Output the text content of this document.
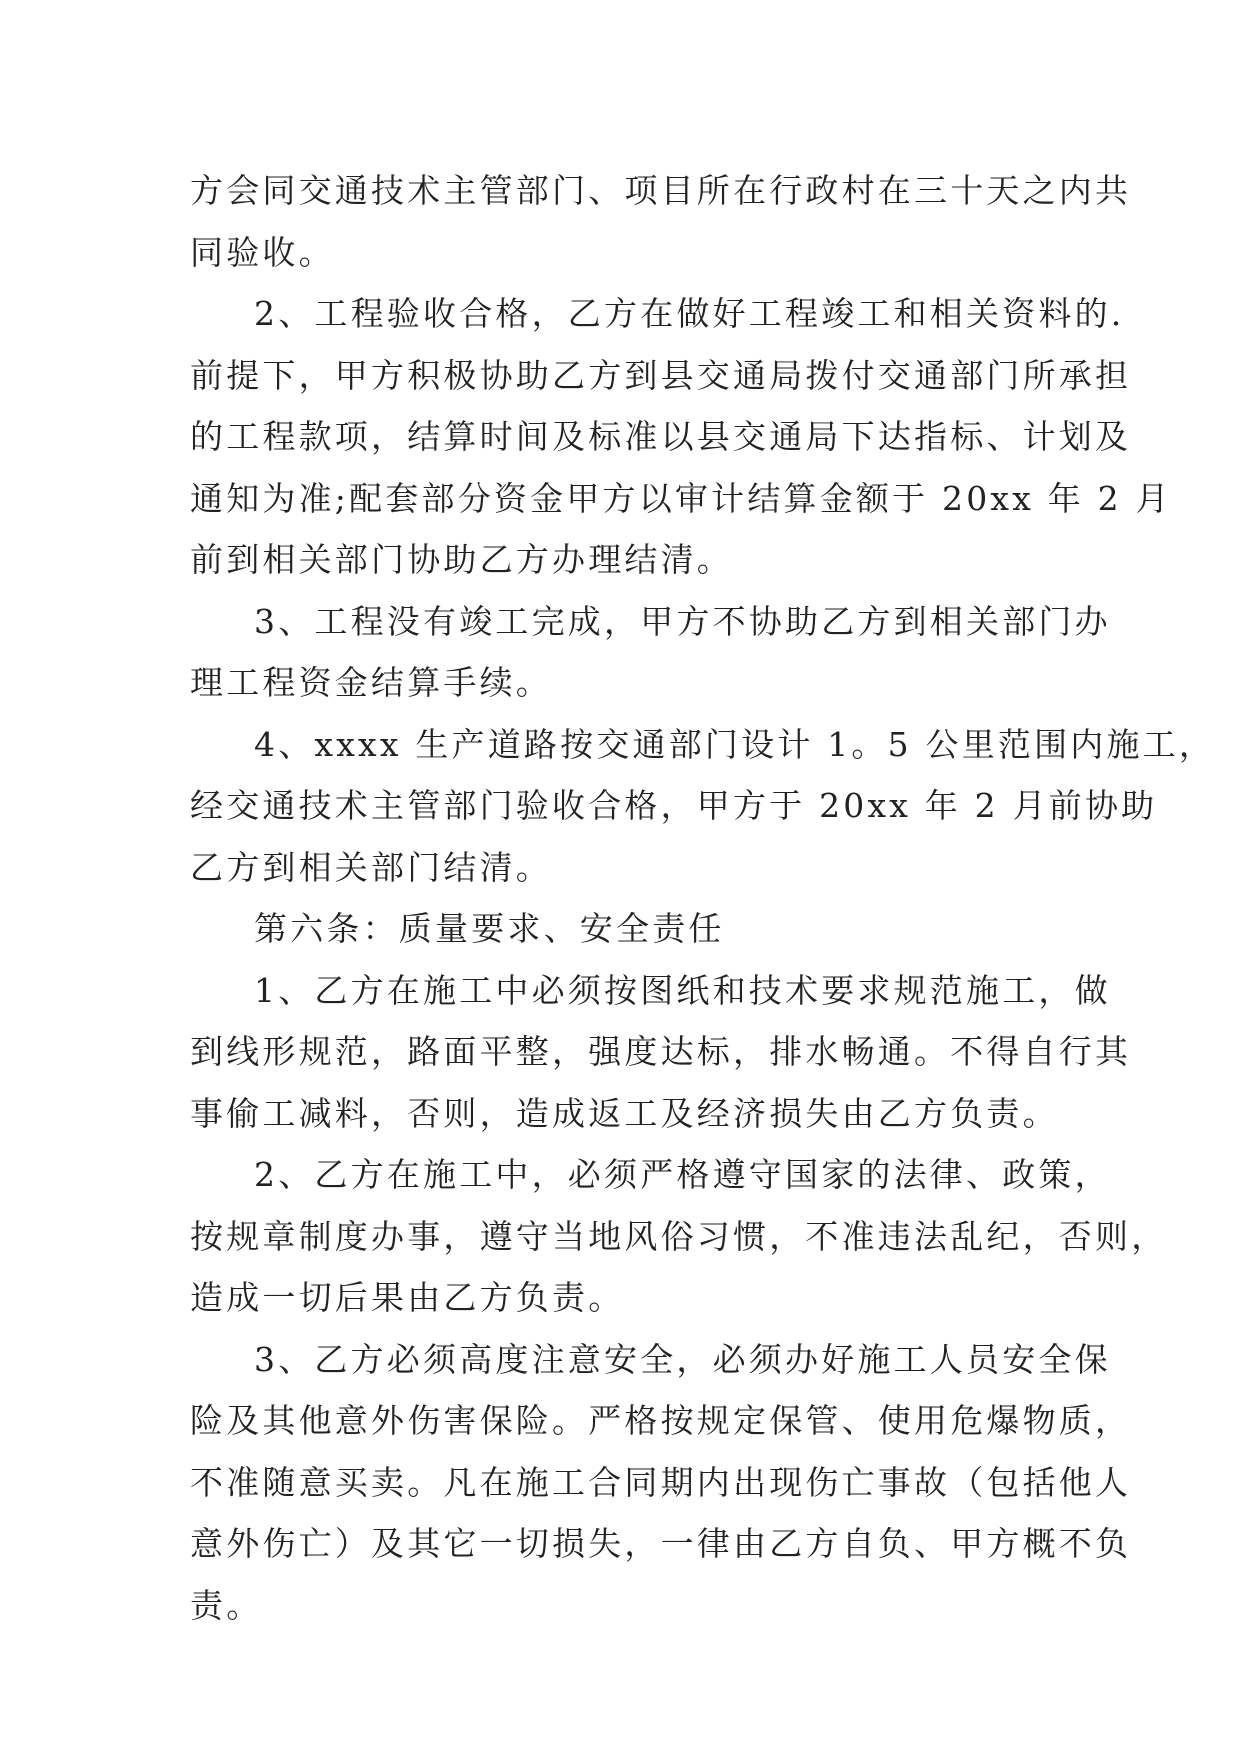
方会同交通技术主管部门、项目所在行政村在三十天之内共
同验收。
2、工程验收合格，乙方在做好工程竣工和相关资料的.
前提下，甲方积极协助乙方到县交通局拨付交通部门所承担
的工程款项，结算时间及标准以县交通局下达指标、计划及
通知为准;配套部分资金甲方以审计结算金额于 20xx 年 2 月
前到相关部门协助乙方办理结清。
3、工程没有竣工完成，甲方不协助乙方到相关部门办
理工程资金结算手续。
4、xxxx 生产道路按交通部门设计 1。5 公里范围内施工，
经交通技术主管部门验收合格，甲方于 20xx 年 2 月前协助
乙方到相关部门结清。
第六条：质量要求、安全责任
1、乙方在施工中必须按图纸和技术要求规范施工，做
到线形规范，路面平整，强度达标，排水畅通。不得自行其
事偷工减料，否则，造成返工及经济损失由乙方负责。
2、乙方在施工中，必须严格遵守国家的法律、政策，
按规章制度办事，遵守当地风俗习惯，不准违法乱纪，否则，
造成一切后果由乙方负责。
3、乙方必须高度注意安全，必须办好施工人员安全保
险及其他意外伤害保险。严格按规定保管、使用危爆物质，
不准随意买卖。凡在施工合同期内出现伤亡事故（包括他人
意外伤亡）及其它一切损失，一律由乙方自负、甲方概不负
责。
